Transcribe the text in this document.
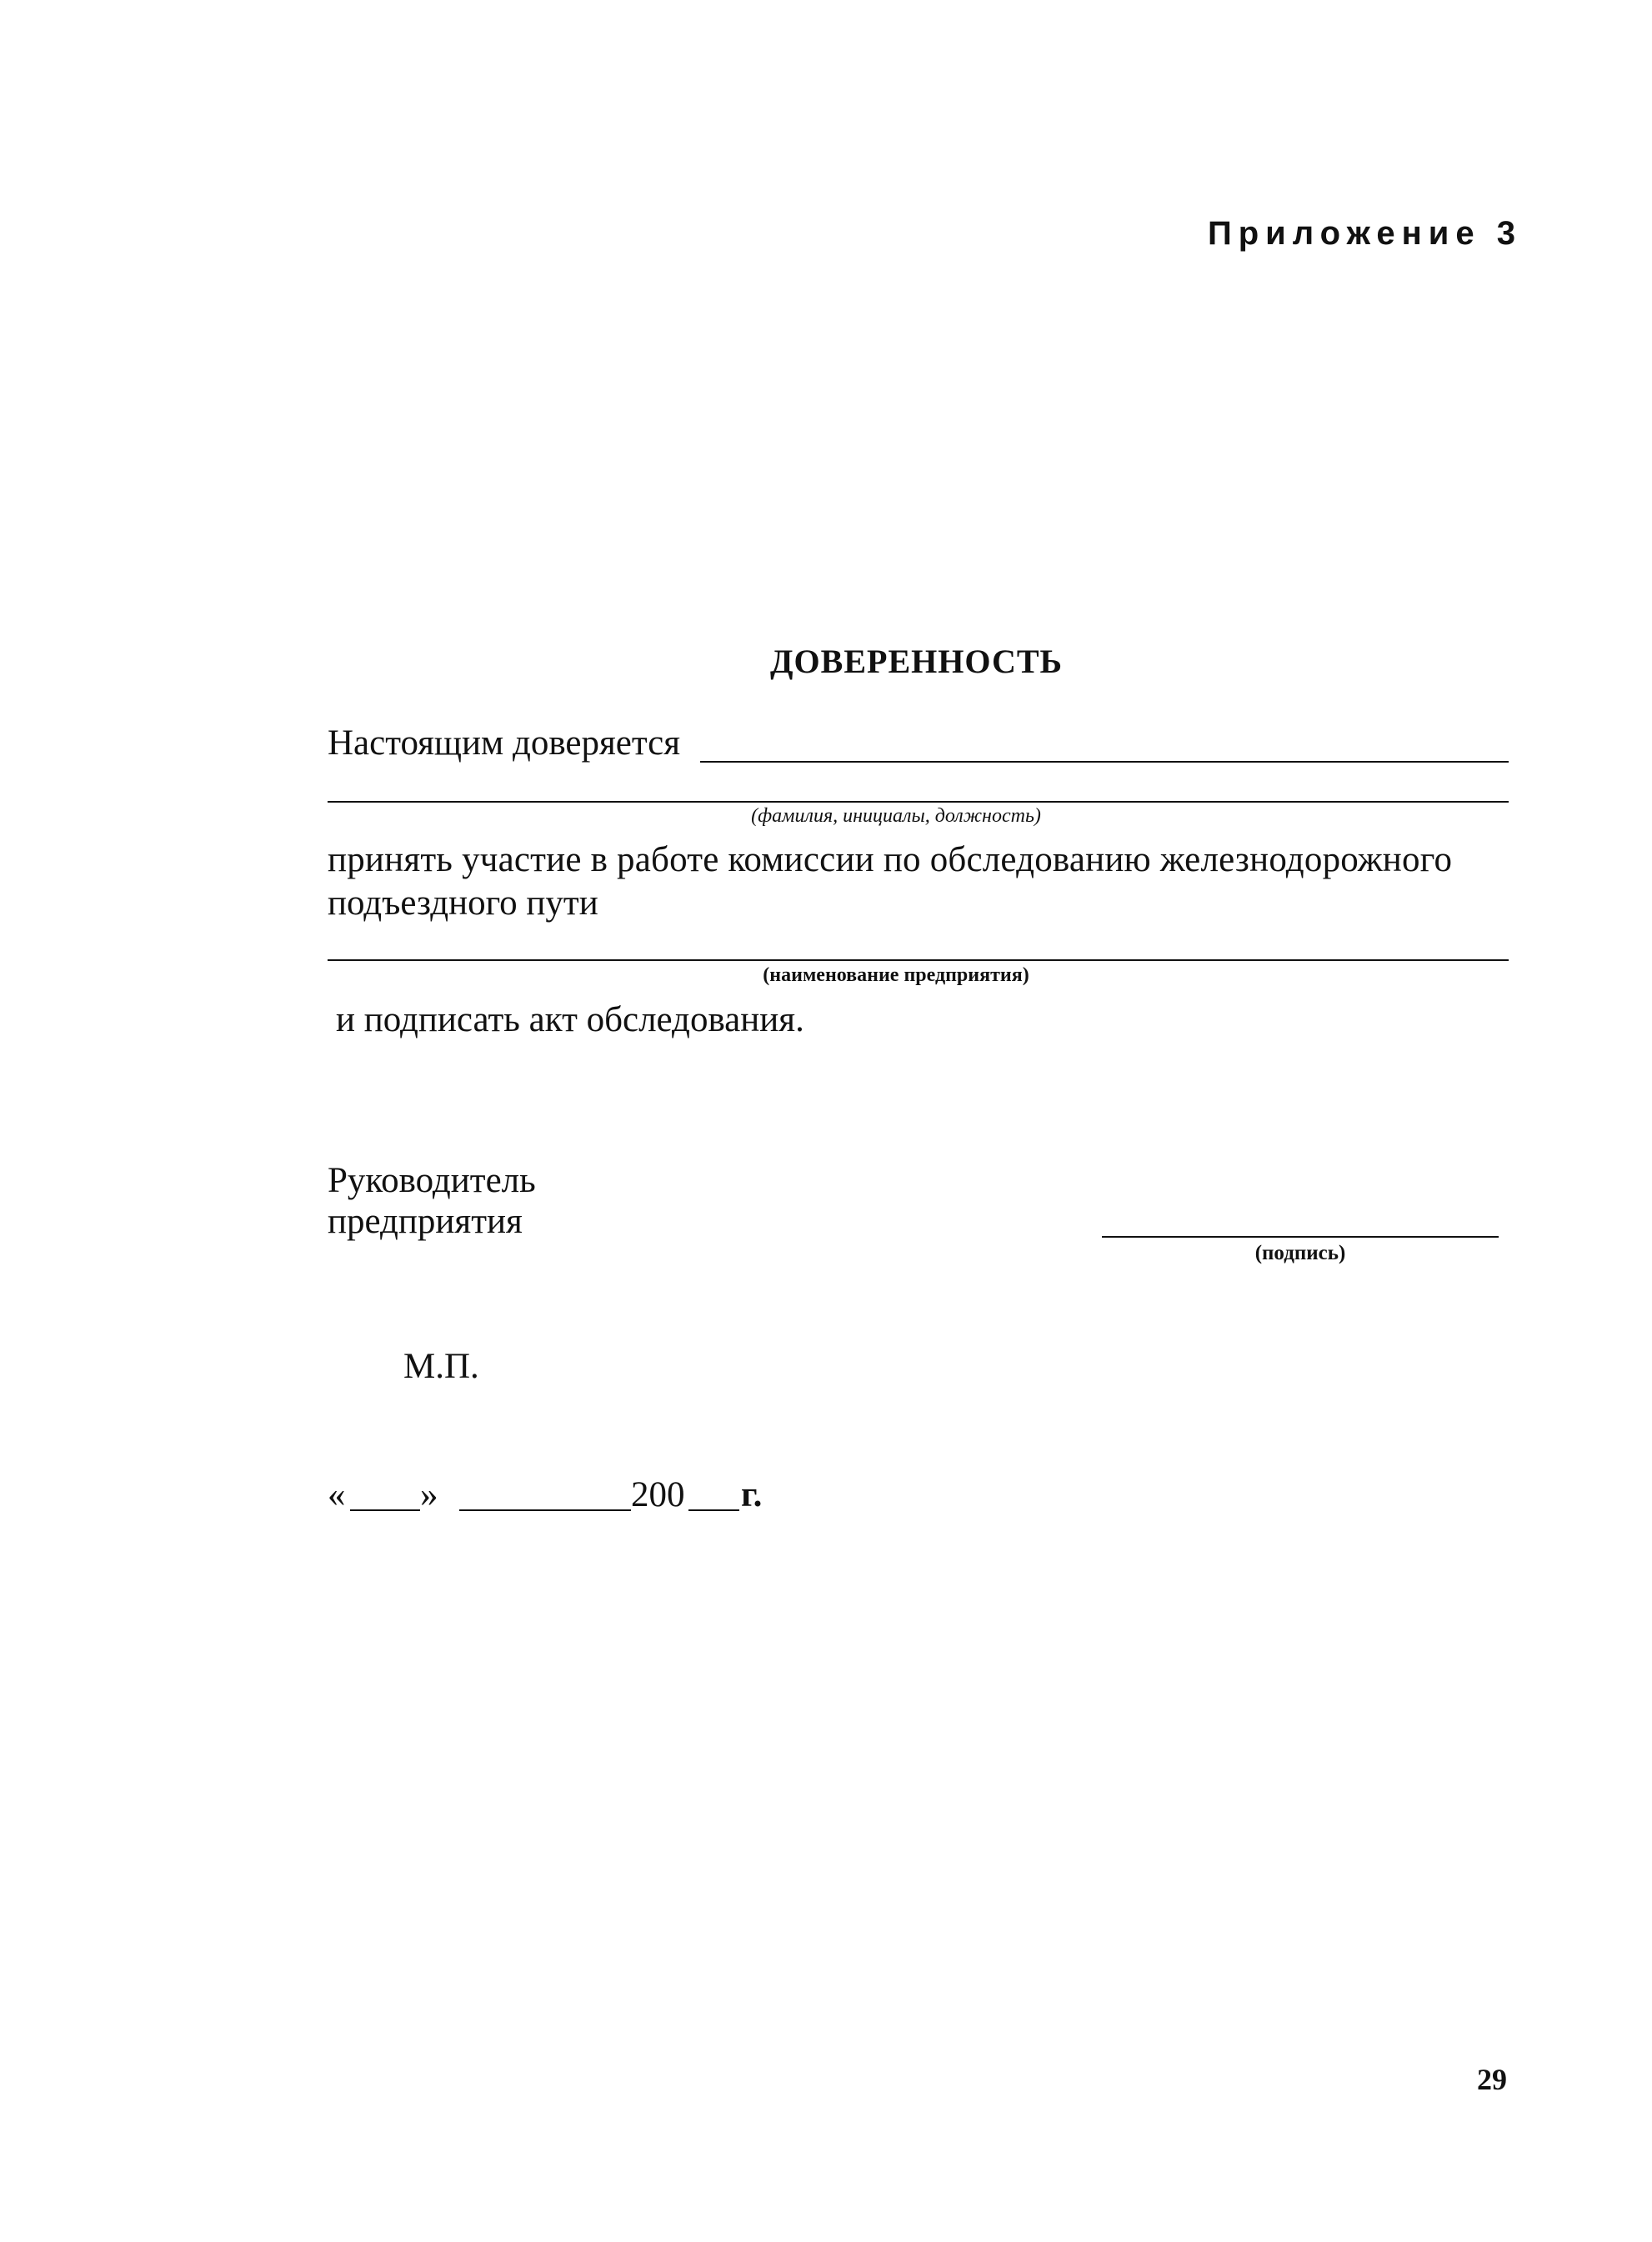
Приложение 3
ДОВЕРЕННОСТЬ
Настоящим доверяется
(фамилия, инициалы, должность)
принять участие в работе комиссии по обследованию железнодорожного
подъездного пути
(наименование предприятия)
и подписать акт обследования.
Руководитель
предприятия
(подпись)
М.П.
« »	200 г.
29
